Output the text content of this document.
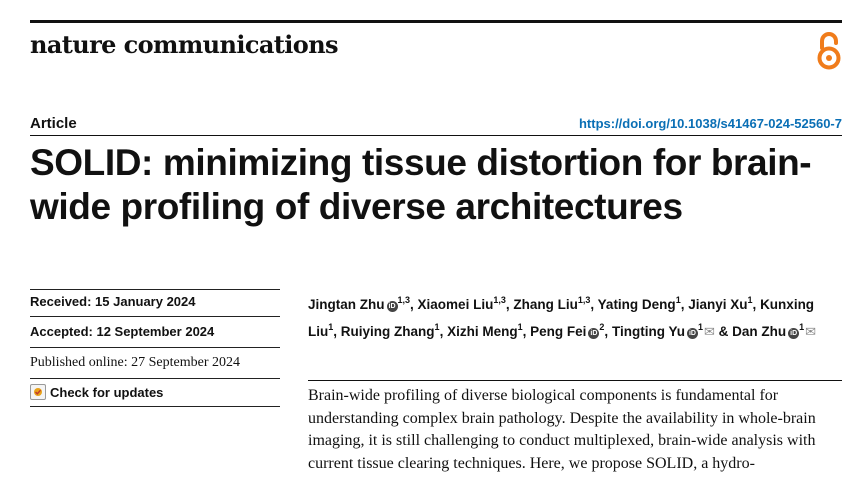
nature communications
Article	https://doi.org/10.1038/s41467-024-52560-7
SOLID: minimizing tissue distortion for brain-wide profiling of diverse architectures
Received: 15 January 2024
Accepted: 12 September 2024
Published online: 27 September 2024
Check for updates
Jingtan Zhu iD$^{1,3}$, Xiaomei Liu$^{1,3}$, Zhang Liu$^{1,3}$, Yating Deng$^1$, Jianyi Xu$^1$, Kunxing Liu$^1$, Ruiying Zhang$^1$, Xizhi Meng$^1$, Peng Fei $iD^2$, Tingting Yu $iD^1✉$ & Dan Zhu $iD^1✉$

Brain-wide profiling of diverse biological components is fundamental for understanding complex brain pathology. Despite the availability in whole-brain imaging, it is still challenging to conduct multiplexed, brain-wide analysis with current tissue clearing techniques. Here, we propose SOLID, a hydro-
